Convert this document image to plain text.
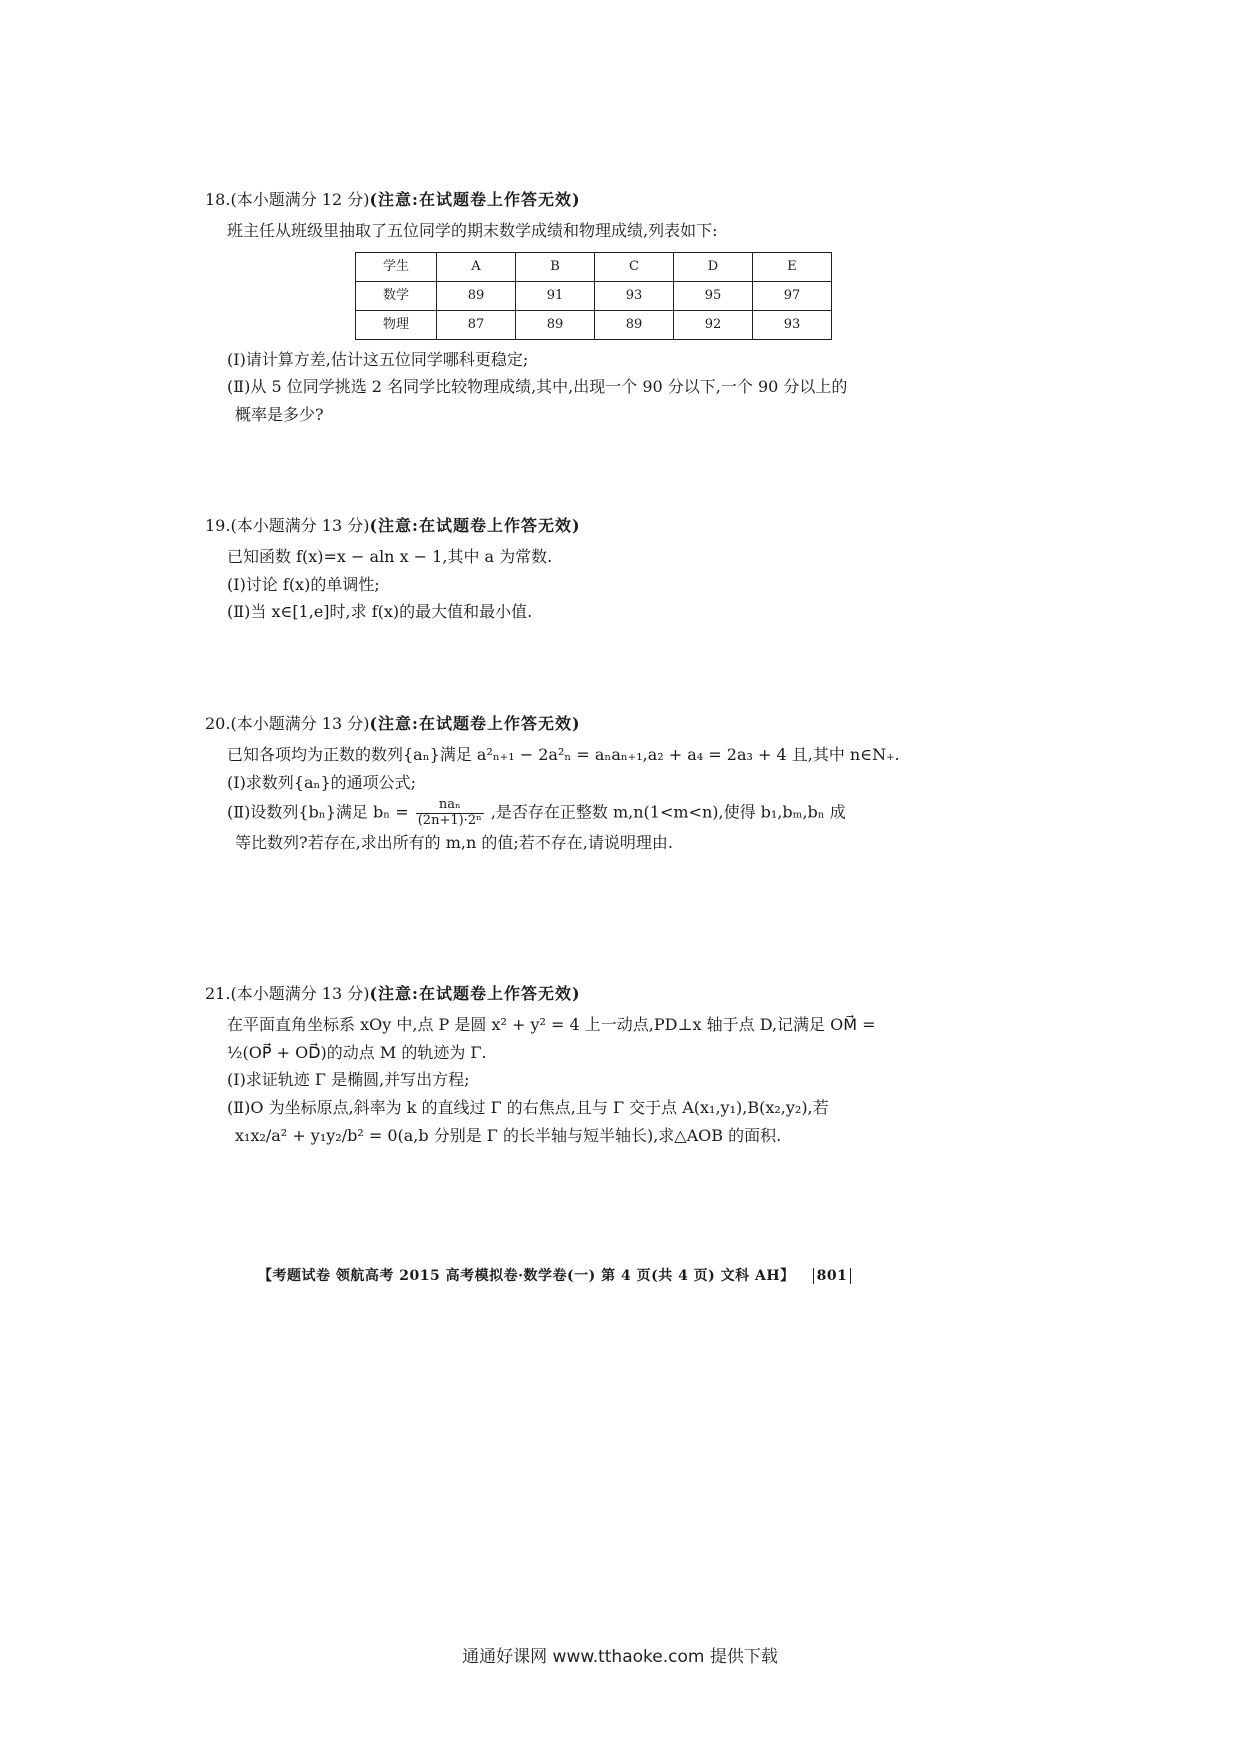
18.(本小题满分 12 分)(注意:在试题卷上作答无效)
班主任从班级里抽取了五位同学的期末数学成绩和物理成绩,列表如下:
学生	A	B	C	D	E
数学	89	91	93	95	97
物理	87	89	89	92	93
(Ⅰ)请计算方差,估计这五位同学哪科更稳定;
(Ⅱ)从 5 位同学挑选 2 名同学比较物理成绩,其中,出现一个 90 分以下,一个 90 分以上的
概率是多少?
19.(本小题满分 13 分)(注意:在试题卷上作答无效)
已知函数 f(x)=x − aln x − 1,其中 a 为常数.
(Ⅰ)讨论 f(x)的单调性;
(Ⅱ)当 x∈[1,e]时,求 f(x)的最大值和最小值.
20.(本小题满分 13 分)(注意:在试题卷上作答无效)
已知各项均为正数的数列{aₙ}满足 a²ₙ₊₁ − 2a²ₙ = aₙaₙ₊₁,a₂ + a₄ = 2a₃ + 4 且,其中 n∈N₊.
(Ⅰ)求数列{aₙ}的通项公式;
(Ⅱ)设数列{bₙ}满足 $b_n = \frac{\text{naₙ}}{\text{(2n+1)·2ⁿ}}$ ,是否存在正整数 m,n(1<m<n),使得 b₁,bₘ,bₙ 成
等比数列?若存在,求出所有的 m,n 的值;若不存在,请说明理由.
21.(本小题满分 13 分)(注意:在试题卷上作答无效)
在平面直角坐标系 xOy 中,点 P 是圆 x² + y² = 4 上一动点,PD⊥x 轴于点 D,记满足 OM⃗ =
½(OP⃗ + OD⃗)的动点 M 的轨迹为 Γ.
(Ⅰ)求证轨迹 Γ 是椭圆,并写出方程;
(Ⅱ)O 为坐标原点,斜率为 k 的直线过 Γ 的右焦点,且与 Γ 交于点 A(x₁,y₁),B(x₂,y₂),若
x₁x₂/a² + y₁y₂/b² = 0(a,b 分别是 Γ 的长半轴与短半轴长),求△AOB 的面积.
【考题试卷 领航高考 2015 高考模拟卷·数学卷(一) 第 4 页(共 4 页) 文科 AH】 801
通通好课网 www.tthaoke.com 提供下载
